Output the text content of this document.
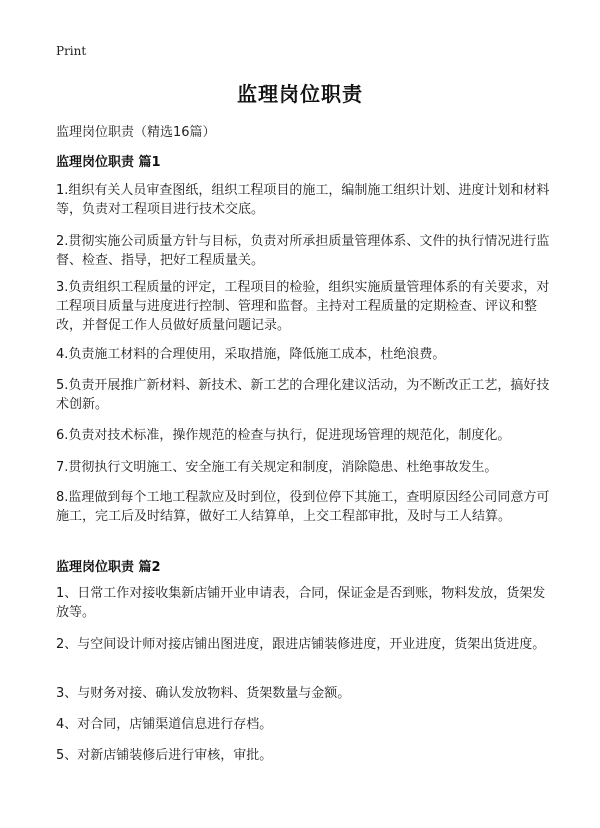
Print
监理岗位职责
监理岗位职责（精选16篇）
监理岗位职责 篇1
1.组织有关人员审查图纸，组织工程项目的施工，编制施工组织计划、进度计划和材料等，负责对工程项目进行技术交底。
2.贯彻实施公司质量方针与目标，负责对所承担质量管理体系、文件的执行情况进行监督、检查、指导，把好工程质量关。
3.负责组织工程质量的评定，工程项目的检验，组织实施质量管理体系的有关要求，对工程项目质量与进度进行控制、管理和监督。主持对工程质量的定期检查、评议和整改，并督促工作人员做好质量问题记录。
4.负责施工材料的合理使用，采取措施，降低施工成本，杜绝浪费。
5.负责开展推广新材料、新技术、新工艺的合理化建议活动，为不断改正工艺，搞好技术创新。
6.负责对技术标准，操作规范的检查与执行，促进现场管理的规范化，制度化。
7.贯彻执行文明施工、安全施工有关规定和制度，消除隐患、杜绝事故发生。
8.监理做到每个工地工程款应及时到位，役到位停下其施工，查明原因经公司同意方可施工，完工后及时结算，做好工人结算单，上交工程部审批，及时与工人结算。
监理岗位职责 篇2
1、日常工作对接收集新店铺开业申请表，合同，保证金是否到账，物料发放，货架发放等。
2、与空间设计师对接店铺出图进度，跟进店铺装修进度，开业进度，货架出货进度。
3、与财务对接、确认发放物料、货架数量与金额。
4、对合同，店铺渠道信息进行存档。
5、对新店铺装修后进行审核，审批。
